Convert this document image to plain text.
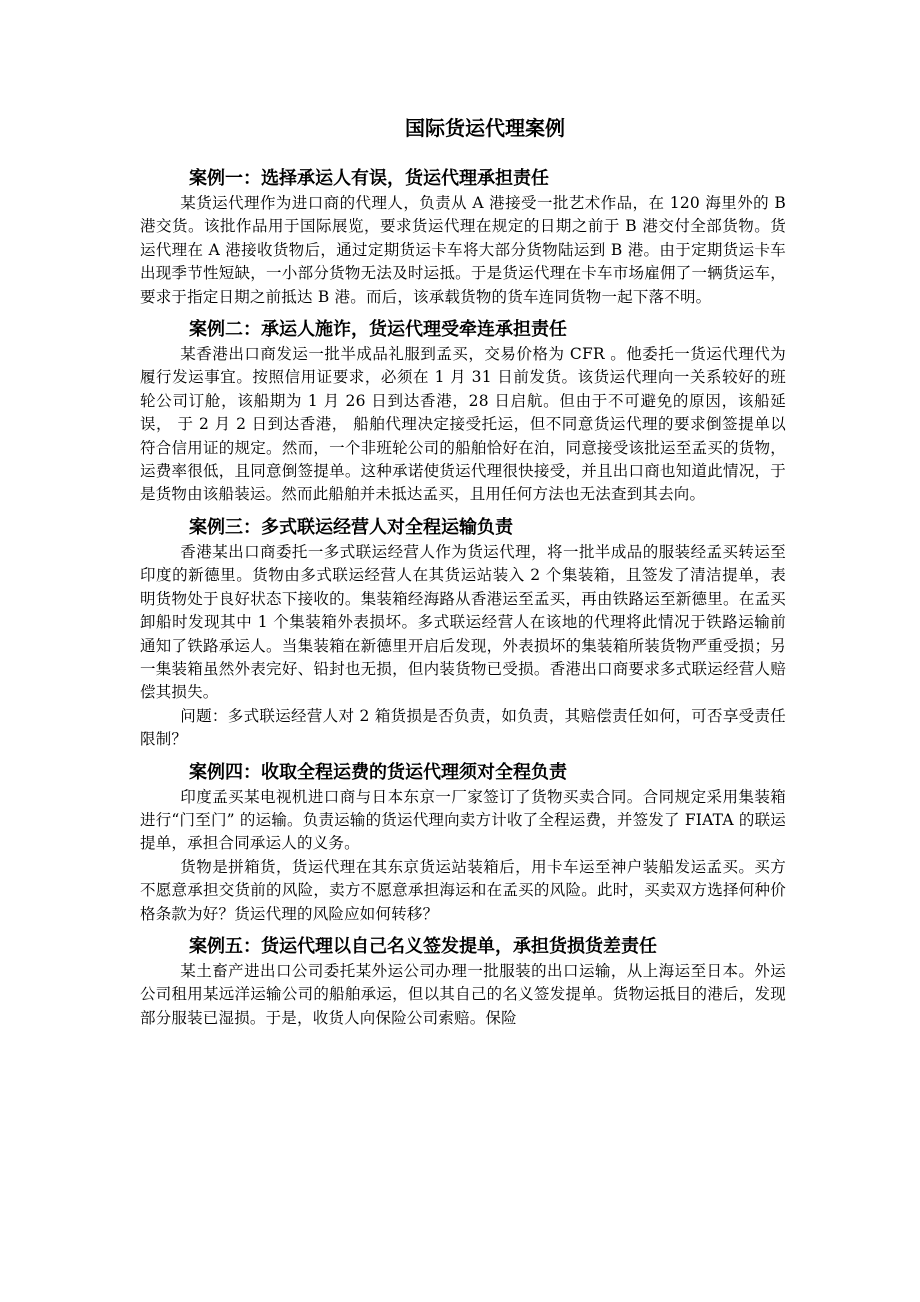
国际货运代理案例
案例一：选择承运人有误，货运代理承担责任

某货运代理作为进口商的代理人，负责从 A 港接受一批艺术作品，在 120 海里外的 B 港交货。该批作品用于国际展览，要求货运代理在规定的日期之前于 B 港交付全部货物。货运代理在 A 港接收货物后，通过定期货运卡车将大部分货物陆运到 B 港。由于定期货运卡车出现季节性短缺，一小部分货物无法及时运抵。于是货运代理在卡车市场雇佣了一辆货运车，要求于指定日期之前抵达 B 港。而后，该承载货物的货车连同货物一起下落不明。

案例二：承运人施诈，货运代理受牵连承担责任

某香港出口商发运一批半成品礼服到孟买，交易价格为 CFR 。他委托一货运代理代为履行发运事宜。按照信用证要求，必须在 1 月 31 日前发货。该货运代理向一关系较好的班轮公司订舱，该船期为 1 月 26 日到达香港，28 日启航。但由于不可避免的原因，该船延误， 于 2 月 2 日到达香港， 船舶代理决定接受托运，但不同意货运代理的要求倒签提单以符合信用证的规定。然而，一个非班轮公司的船舶恰好在泊，同意接受该批运至孟买的货物，运费率很低，且同意倒签提单。这种承诺使货运代理很快接受，并且出口商也知道此情况，于是货物由该船装运。然而此船舶并未抵达孟买，且用任何方法也无法查到其去向。

案例三：多式联运经营人对全程运输负责

香港某出口商委托一多式联运经营人作为货运代理，将一批半成品的服装经孟买转运至印度的新德里。货物由多式联运经营人在其货运站装入 2 个集装箱，且签发了清洁提单，表明货物处于良好状态下接收的。集装箱经海路从香港运至孟买，再由铁路运至新德里。在孟买卸船时发现其中 1 个集装箱外表损坏。多式联运经营人在该地的代理将此情况于铁路运输前通知了铁路承运人。当集装箱在新德里开启后发现，外表损坏的集装箱所装货物严重受损；另一集装箱虽然外表完好、铅封也无损，但内装货物已受损。香港出口商要求多式联运经营人赔偿其损失。

问题：多式联运经营人对 2 箱货损是否负责，如负责，其赔偿责任如何，可否享受责任限制？

案例四：收取全程运费的货运代理须对全程负责

印度孟买某电视机进口商与日本东京一厂家签订了货物买卖合同。合同规定采用集装箱进行“门至门” 的运输。负责运输的货运代理向卖方计收了全程运费，并签发了 FIATA 的联运提单，承担合同承运人的义务。

货物是拼箱货，货运代理在其东京货运站装箱后，用卡车运至神户装船发运孟买。买方不愿意承担交货前的风险，卖方不愿意承担海运和在孟买的风险。此时，买卖双方选择何种价格条款为好？货运代理的风险应如何转移？

案例五：货运代理以自己名义签发提单，承担货损货差责任

某土畜产进出口公司委托某外运公司办理一批服装的出口运输，从上海运至日本。外运公司租用某远洋运输公司的船舶承运，但以其自己的名义签发提单。货物运抵目的港后，发现部分服装已湿损。于是，收货人向保险公司索赔。保险
